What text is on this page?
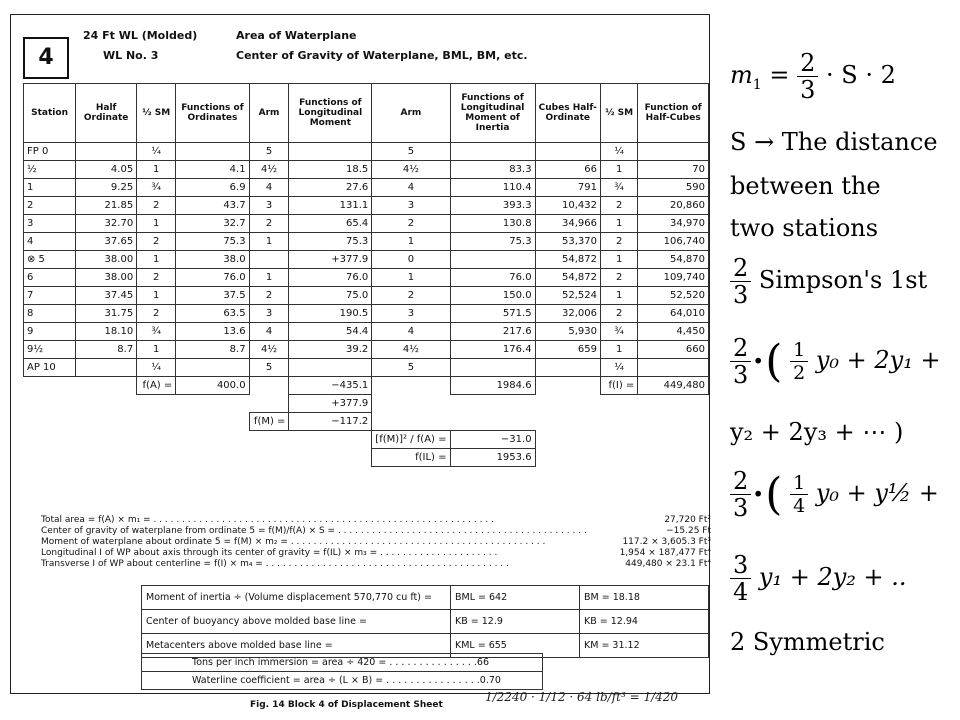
4
24 Ft WL (Molded)
WL No. 3
Area of Waterplane
Center of Gravity of Waterplane, BML, BM, etc.
Station	Half Ordinate	½ SM	Functions of Ordinates	Arm	Functions of Longitudinal Moment	Arm	Functions of Longitudinal Moment of Inertia	Cubes Half-Ordinate	½ SM	Function of Half-Cubes
FP 0		¼		5		5			¼	
½	4.05	1	4.1	4½	18.5	4½	83.3	66	1	70
1	9.25	¾	6.9	4	27.6	4	110.4	791	¾	590
2	21.85	2	43.7	3	131.1	3	393.3	10,432	2	20,860
3	32.70	1	32.7	2	65.4	2	130.8	34,966	1	34,970
4	37.65	2	75.3	1	75.3	1	75.3	53,370	2	106,740
⊗ 5	38.00	1	38.0		+377.9	0		54,872	1	54,870
6	38.00	2	76.0	1	76.0	1	76.0	54,872	2	109,740
7	37.45	1	37.5	2	75.0	2	150.0	52,524	1	52,520
8	31.75	2	63.5	3	190.5	3	571.5	32,006	2	64,010
9	18.10	¾	13.6	4	54.4	4	217.6	5,930	¾	4,450
9½	8.7	1	8.7	4½	39.2	4½	176.4	659	1	660
AP 10		¼		5		5			¼	
		f(A) =	400.0		−435.1		1984.6		f(I) =	449,480
					+377.9					
				f(M) =	−117.2					
						[f(M)]² / f(A) =	−31.0			
						f(IL) =	1953.6			
27,720 Ft²
Total area = f(A) × m₁ = . . . . . . . . . . . . . . . . . . . . . . . . . . . . . . . . . . . . . . . . . . . . . . . . . . . . . . . . . . . .
−15.25 Ft
Center of gravity of waterplane from ordinate 5 = f(M)/f(A) × S = . . . . . . . . . . . . . . . . . . . . . . . . . . . . . . . . . . . . . . . . . . . .
117.2 × 3,605.3 Ft³
Moment of waterplane about ordinate 5 = f(M) × m₂ = . . . . . . . . . . . . . . . . . . . . . . . . . . . . . . . . . . . . . . . . . . . . .
1,954 × 187,477 Ft⁴
Longitudinal I of WP about axis through its center of gravity = f(IL) × m₃ = . . . . . . . . . . . . . . . . . . . . .
449,480 × 23.1 Ft⁴
Transverse I of WP about centerline = f(I) × m₄ = . . . . . . . . . . . . . . . . . . . . . . . . . . . . . . . . . . . . . . . . . . .
Moment of inertia ÷ (Volume displacement 570,770 cu ft) =	BML = 642	BM = 18.18
Center of buoyancy above molded base line =	KB = 12.9	KB = 12.94
Metacenters above molded base line =	KML = 655	KM = 31.12
Tons per inch immersion = area ÷ 420 = . . . . . . . . . . . . . . .66
Waterline coefficient = area ÷ (L × B) = . . . . . . . . . . . . . . . .0.70
Fig. 14 Block 4 of Displacement Sheet
1/2240 · 1/12 · 64 lb/ft³ = 1/420
$m_1 = \frac{2}{3} \cdot S \cdot 2$
S → The distance
between the
two stations
$\frac{2}{3}$ Simpson's 1st
$\frac{2}{3}$ ·( $\frac{1}{2} y_0 + 2y_1$ +
y₂ + 2y₃ + ⋯ )
$\frac{2}{3}$ ·( $\frac{1}{4} y_0$ + y½ +
$\frac{3}{4} y_1 + 2y_2$ + ..
2 Symmetric
